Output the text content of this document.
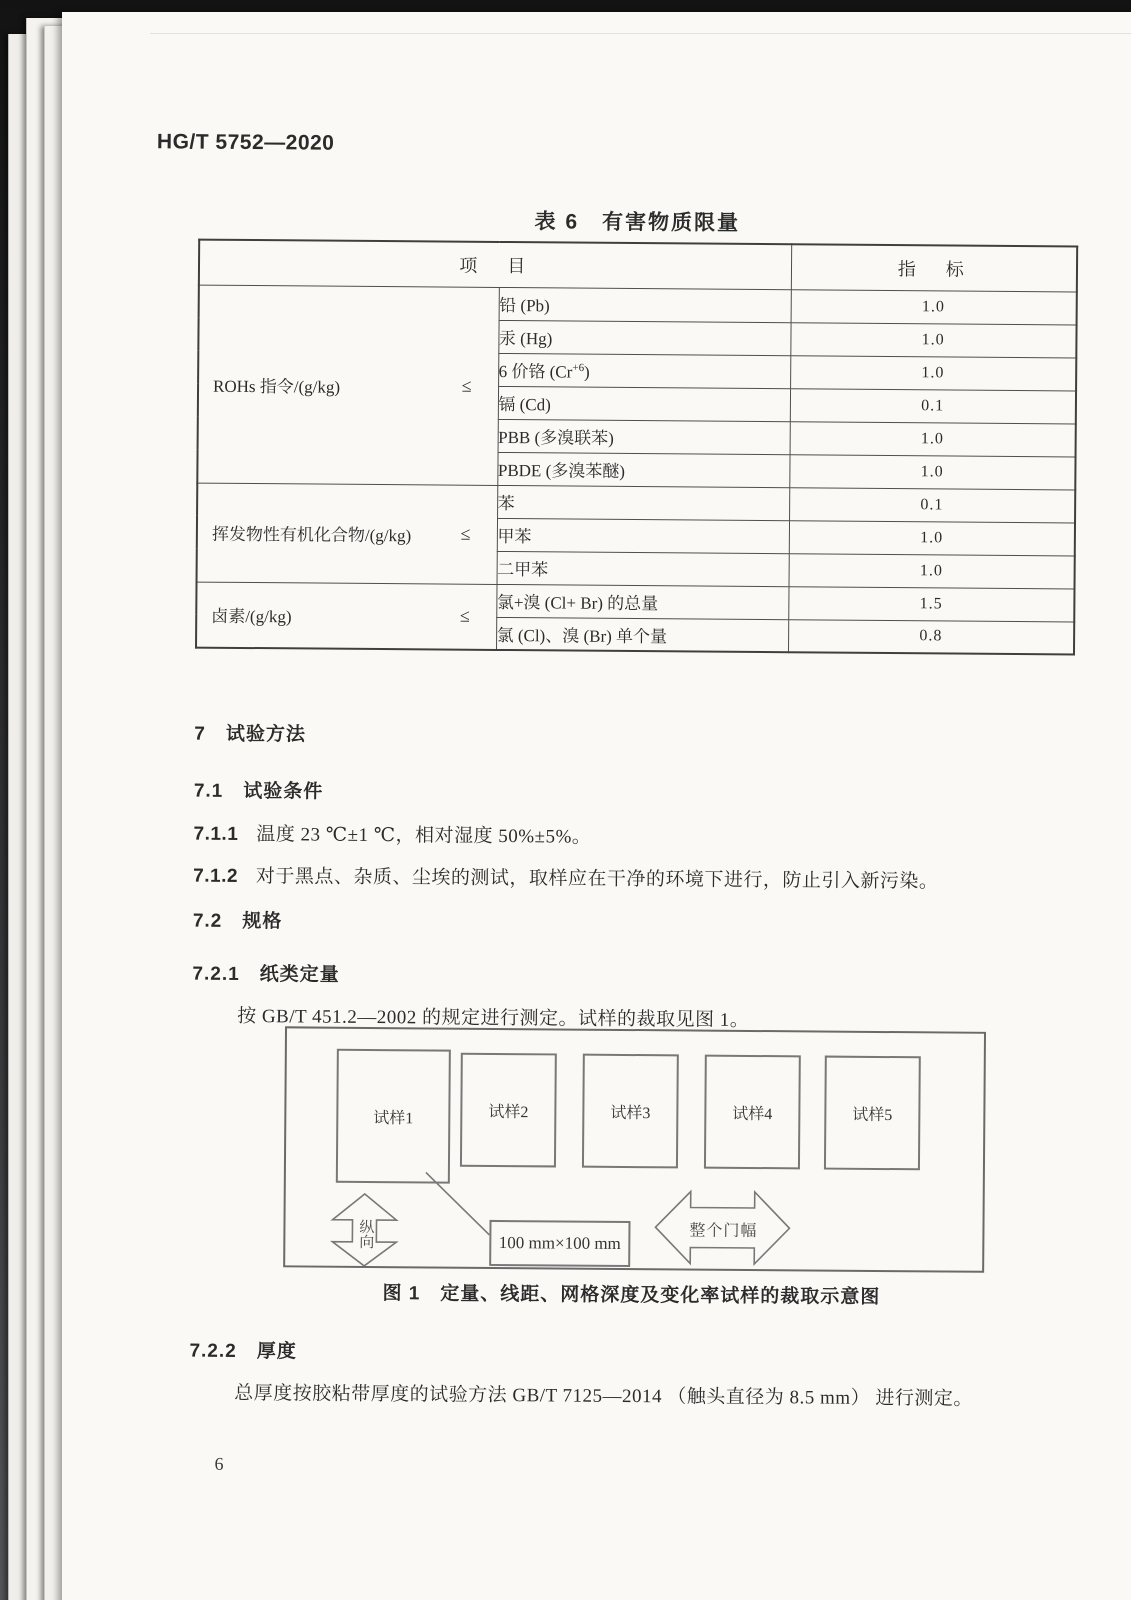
HG/T 5752—2020
表 6　有害物质限量
项　目		指　标

ROHs 指令/(g/kg) ≤	铅 (Pb)	1.0
	汞 (Hg)	1.0
	6 价铬 $(Cr^{+6})$	1.0
	镉 (Cd)	0.1
	PBB (多溴联苯)	1.0
	PBDE (多溴苯醚)	1.0

挥发物性有机化合物/(g/kg) ≤	苯	0.1
	甲苯	1.0
	二甲苯	1.0

卤素/(g/kg) ≤	氯+溴 (Cl+ Br) 的总量	1.5
	氯 (Cl)、溴 (Br) 单个量	0.8
7 试验方法
7.1 试验条件
7.1.1 温度 23 ℃±1 ℃，相对湿度 50%±5%。
7.1.2 对于黑点、杂质、尘埃的测试，取样应在干净的环境下进行，防止引入新污染。
7.2 规格
7.2.1 纸类定量
按 GB/T 451.2—2002 的规定进行测定。试样的裁取见图 1。
试样1	试样2	试样3	试样4	试样5
纵向	100 mm×100 mm
整个门幅
图 1　定量、线距、网格深度及变化率试样的裁取示意图
7.2.2 厚度
总厚度按胶粘带厚度的试验方法 GB/T 7125—2014 （触头直径为 8.5 mm） 进行测定。
6
